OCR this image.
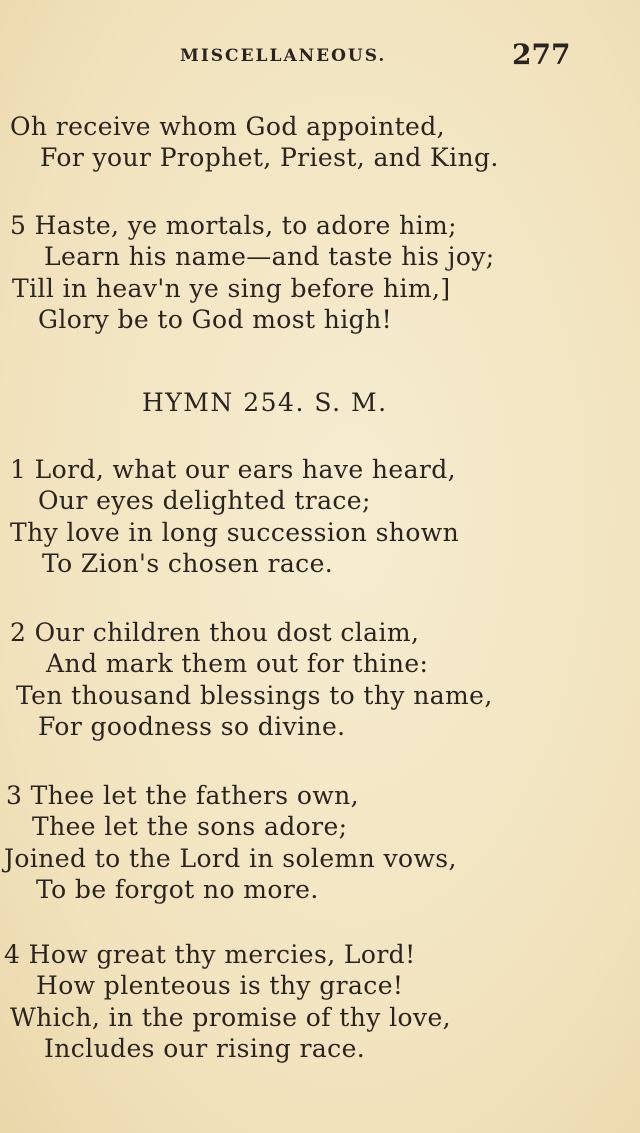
MISCELLANEOUS.	277
Oh receive whom God appointed,
For your Prophet, Priest, and King.
5 Haste, ye mortals, to adore him;
Learn his name—and taste his joy;
Till in heav'n ye sing before him,]
Glory be to God most high!
HYMN 254. S. M.
1 Lord, what our ears have heard,
Our eyes delighted trace;
Thy love in long succession shown
To Zion's chosen race.
2 Our children thou dost claim,
And mark them out for thine:
Ten thousand blessings to thy name,
For goodness so divine.
3 Thee let the fathers own,
Thee let the sons adore;
Joined to the Lord in solemn vows,
To be forgot no more.
4 How great thy mercies, Lord!
How plenteous is thy grace!
Which, in the promise of thy love,
Includes our rising race.
